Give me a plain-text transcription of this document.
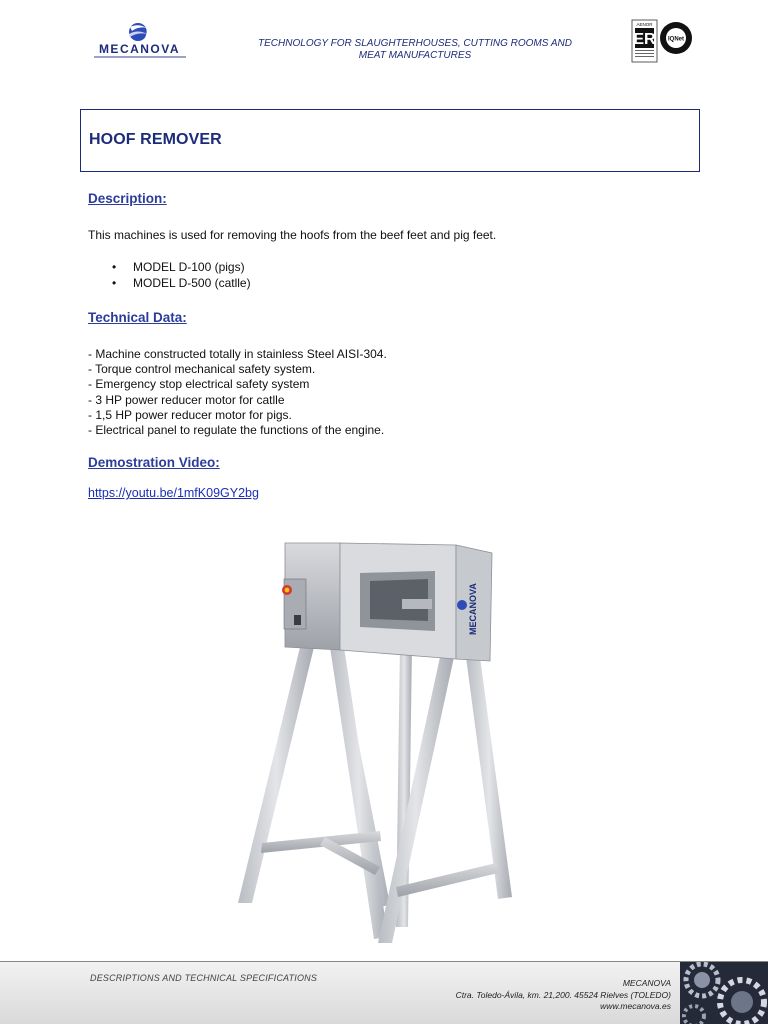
MECANOVA	TECHNOLOGY FOR SLAUGHTERHOUSES, CUTTING ROOMS AND
MEAT MANUFACTURES
AENOR
ER IQNet
HOOF REMOVER
Description:
This machines is used for removing the hoofs from the beef feet and pig feet.
• MODEL D-100 (pigs)
• MODEL D-500 (catlle)
Technical Data:
- Machine constructed totally in stainless Steel AISI-304.
- Torque control mechanical safety system.
- Emergency stop electrical safety system
- 3 HP power reducer motor for catlle
- 1,5 HP power reducer motor for pigs.
- Electrical panel to regulate the functions of the engine.
Demostration Video:
https://youtu.be/1mfK09GY2bg
MECANOVA
DESCRIPTIONS AND TECHNICAL SPECIFICATIONS	MECANOVA
Ctra. Toledo-Ávila, km. 21,200. 45524 Rielves (TOLEDO)
www.mecanova.es
